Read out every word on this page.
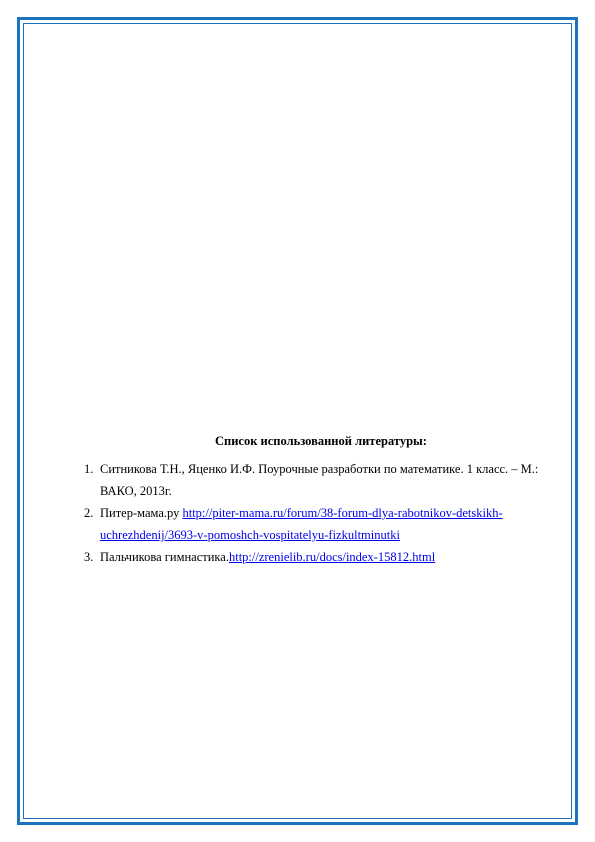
Список использованной литературы:
1. Ситникова Т.Н., Яценко И.Ф. Поурочные разработки по математике. 1 класс. – М.: ВАКО, 2013г.
2. Питер-мама.ру http://piter-mama.ru/forum/38-forum-dlya-rabotnikov-detskikh-uchrezhdenij/3693-v-pomoshch-vospitatelyu-fizkultminutki
3. Пальчикова гимнастика.http://zrenielib.ru/docs/index-15812.html
